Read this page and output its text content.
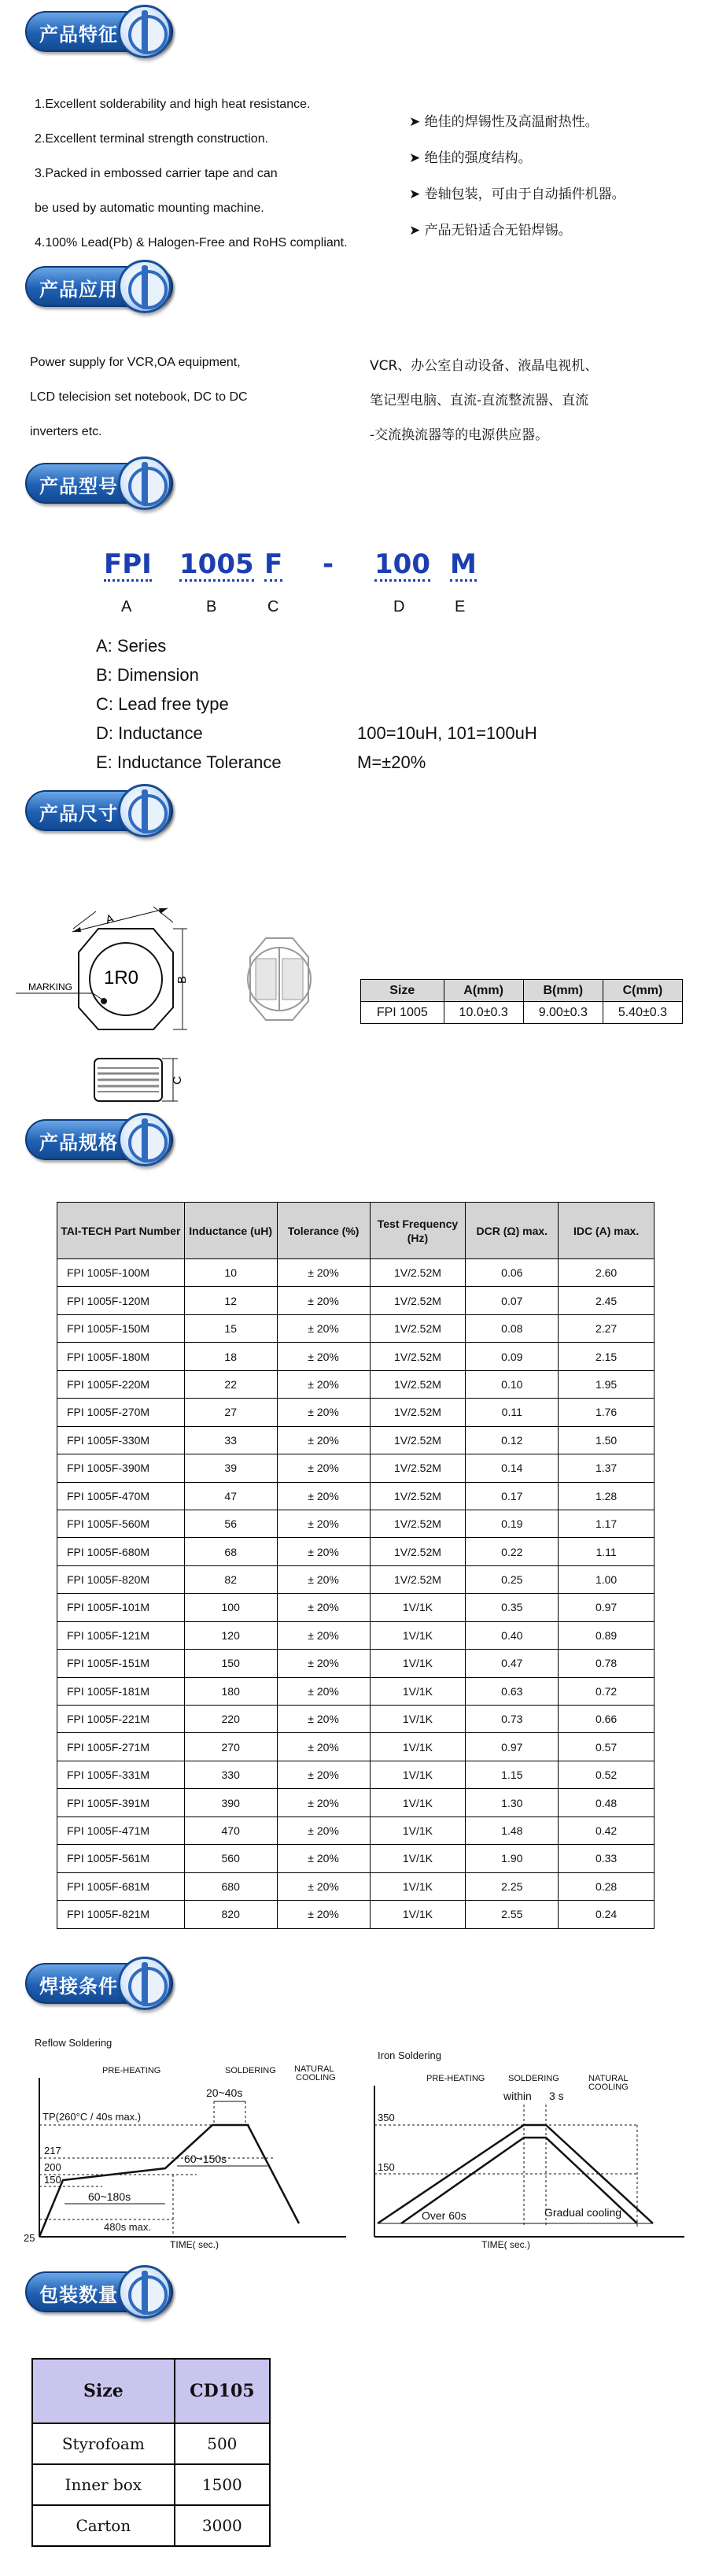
产品特征
1.Excellent solderability and high heat resistance.
2.Excellent terminal strength construction.
3.Packed in embossed carrier tape and can
be used by automatic mounting machine.
4.100% Lead(Pb) & Halogen-Free and RoHS compliant.
➤ 绝佳的焊锡性及高温耐热性。
➤ 绝佳的强度结构。
➤ 卷轴包装，可由于自动插件机器。
➤ 产品无铅适合无铅焊锡。
产品应用
Power supply for VCR,OA equipment,
LCD telecision set notebook, DC to DC
inverters etc.
VCR、办公室自动设备、液晶电视机、
笔记型电脑、直流-直流整流器、直流
-交流换流器等的电源供应器。
产品型号
FPI 1005 F - 100 M
A	B	C	D	E
A: Series
B: Dimension
C: Lead free type
D: Inductance
E: Inductance Tolerance
100=10uH, 101=100uH
M=±20%
产品尺寸
1R0
A
B
MARKING
C
Size	A(mm)	B(mm)	C(mm)
FPI 1005	10.0±0.3	9.00±0.3	5.40±0.3
产品规格
TAI-TECH Part Number	Inductance (uH)	Tolerance (%)	Test Frequency (Hz)	DCR (Ω) max.	IDC (A) max.
FPI 1005F-100M	10	± 20%	1V/2.52M	0.06	2.60
FPI 1005F-120M	12	± 20%	1V/2.52M	0.07	2.45
FPI 1005F-150M	15	± 20%	1V/2.52M	0.08	2.27
FPI 1005F-180M	18	± 20%	1V/2.52M	0.09	2.15
FPI 1005F-220M	22	± 20%	1V/2.52M	0.10	1.95
FPI 1005F-270M	27	± 20%	1V/2.52M	0.11	1.76
FPI 1005F-330M	33	± 20%	1V/2.52M	0.12	1.50
FPI 1005F-390M	39	± 20%	1V/2.52M	0.14	1.37
FPI 1005F-470M	47	± 20%	1V/2.52M	0.17	1.28
FPI 1005F-560M	56	± 20%	1V/2.52M	0.19	1.17
FPI 1005F-680M	68	± 20%	1V/2.52M	0.22	1.11
FPI 1005F-820M	82	± 20%	1V/2.52M	0.25	1.00
FPI 1005F-101M	100	± 20%	1V/1K	0.35	0.97
FPI 1005F-121M	120	± 20%	1V/1K	0.40	0.89
FPI 1005F-151M	150	± 20%	1V/1K	0.47	0.78
FPI 1005F-181M	180	± 20%	1V/1K	0.63	0.72
FPI 1005F-221M	220	± 20%	1V/1K	0.73	0.66
FPI 1005F-271M	270	± 20%	1V/1K	0.97	0.57
FPI 1005F-331M	330	± 20%	1V/1K	1.15	0.52
FPI 1005F-391M	390	± 20%	1V/1K	1.30	0.48
FPI 1005F-471M	470	± 20%	1V/1K	1.48	0.42
FPI 1005F-561M	560	± 20%	1V/1K	1.90	0.33
FPI 1005F-681M	680	± 20%	1V/1K	2.25	0.28
FPI 1005F-821M	820	± 20%	1V/1K	2.55	0.24
焊接条件
Reflow Soldering
PRE-HEATING	SOLDERING NATURAL
COOLING
20~40s
TP(260°C / 40s max.)
217
200
150
25
60~150s
60~180s
480s max.
TIME( sec.)
Iron Soldering
PRE-HEATING	SOLDERING	NATURAL
COOLING
within 3 s
350
150
Over 60s	Gradual cooling
TIME( sec.)
包装数量
Size	CD105
Styrofoam	500
Inner box	1500
Carton	3000
